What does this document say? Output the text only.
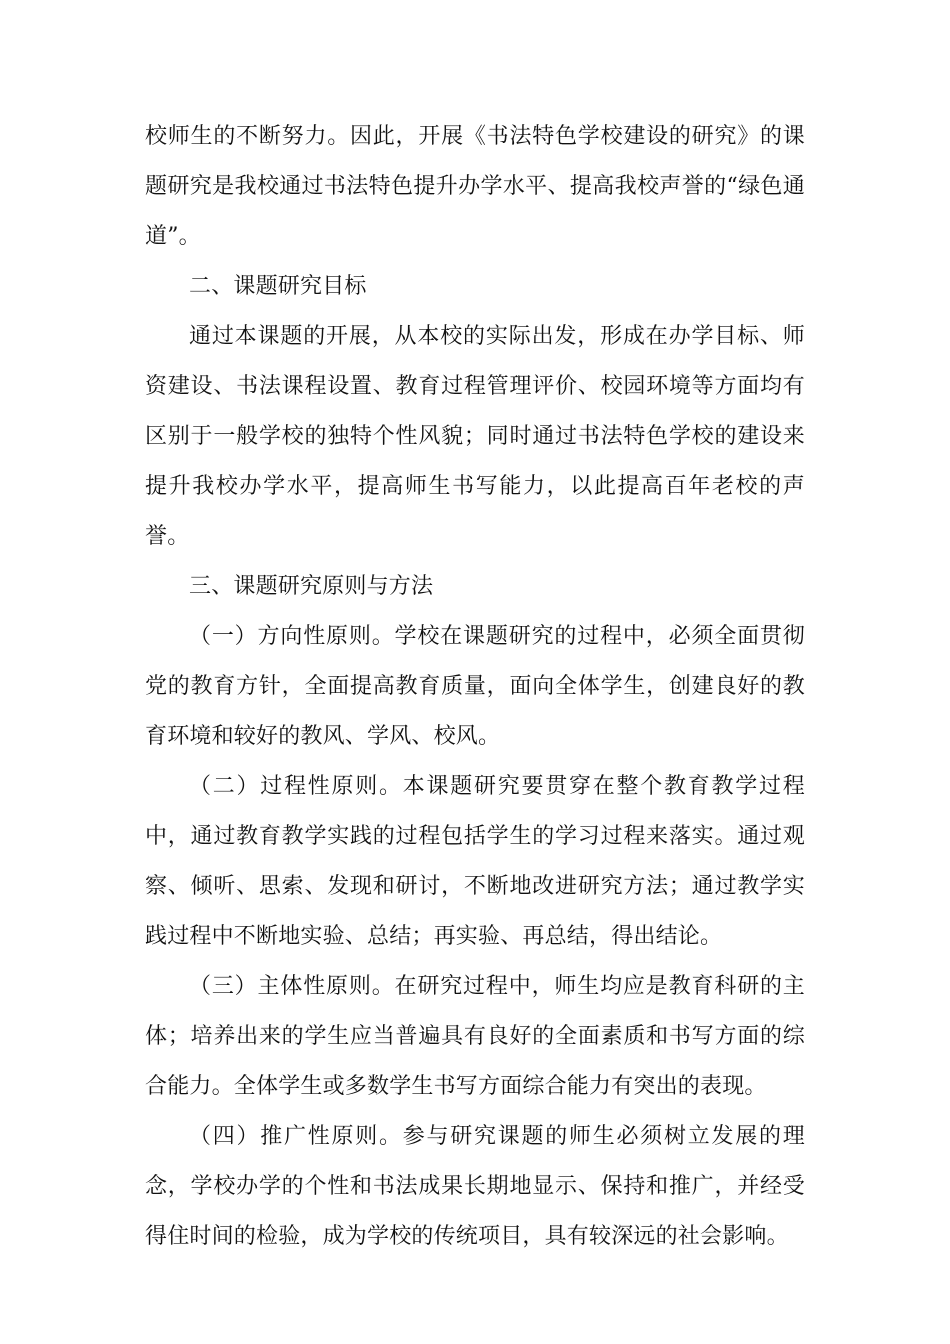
校师生的不断努力。因此，开展《书法特色学校建设的研究》的课题研究是我校通过书法特色提升办学水平、提高我校声誉的“绿色通道”。

二、课题研究目标

通过本课题的开展，从本校的实际出发，形成在办学目标、师资建设、书法课程设置、教育过程管理评价、校园环境等方面均有区别于一般学校的独特个性风貌；同时通过书法特色学校的建设来提升我校办学水平，提高师生书写能力，以此提高百年老校的声誉。

三、课题研究原则与方法

（一）方向性原则。学校在课题研究的过程中，必须全面贯彻党的教育方针，全面提高教育质量，面向全体学生，创建良好的教育环境和较好的教风、学风、校风。

（二）过程性原则。本课题研究要贯穿在整个教育教学过程中，通过教育教学实践的过程包括学生的学习过程来落实。通过观察、倾听、思索、发现和研讨，不断地改进研究方法；通过教学实践过程中不断地实验、总结；再实验、再总结，得出结论。

（三）主体性原则。在研究过程中，师生均应是教育科研的主体；培养出来的学生应当普遍具有良好的全面素质和书写方面的综合能力。全体学生或多数学生书写方面综合能力有突出的表现。

（四）推广性原则。参与研究课题的师生必须树立发展的理念，学校办学的个性和书法成果长期地显示、保持和推广，并经受得住时间的检验，成为学校的传统项目，具有较深远的社会影响。
